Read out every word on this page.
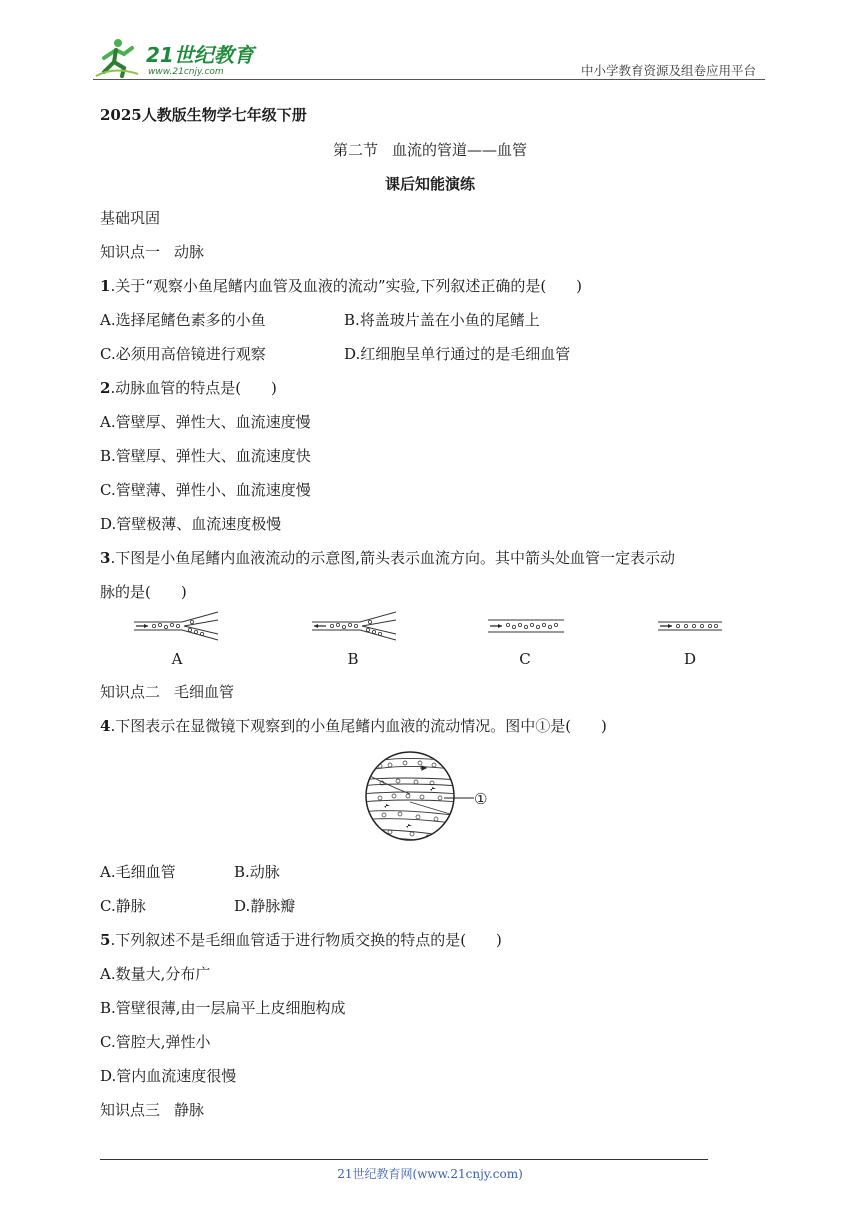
21世纪教育
www.21cnjy.com	中小学教育资源及组卷应用平台
2025人教版生物学七年级下册
第二节 血流的管道——血管
课后知能演练
基础巩固
知识点一 动脉
1.关于“观察小鱼尾鳍内血管及血液的流动”实验,下列叙述正确的是(　　)
A.选择尾鳍色素多的小鱼	B.将盖玻片盖在小鱼的尾鳍上
C.必须用高倍镜进行观察	D.红细胞呈单行通过的是毛细血管
2.动脉血管的特点是(　　)
A.管壁厚、弹性大、血流速度慢
B.管壁厚、弹性大、血流速度快
C.管壁薄、弹性小、血流速度慢
D.管壁极薄、血流速度极慢
3.下图是小鱼尾鳍内血液流动的示意图,箭头表示血流方向。其中箭头处血管一定表示动
脉的是(　　)
A	B	C	D
知识点二 毛细血管
4.下图表示在显微镜下观察到的小鱼尾鳍内血液的流动情况。图中①是(　　)
①
A.毛细血管	B.动脉
C.静脉	D.静脉瓣
5.下列叙述不是毛细血管适于进行物质交换的特点的是(　　)
A.数量大,分布广
B.管壁很薄,由一层扁平上皮细胞构成
C.管腔大,弹性小
D.管内血流速度很慢
知识点三 静脉
21世纪教育网(www.21cnjy.com)
